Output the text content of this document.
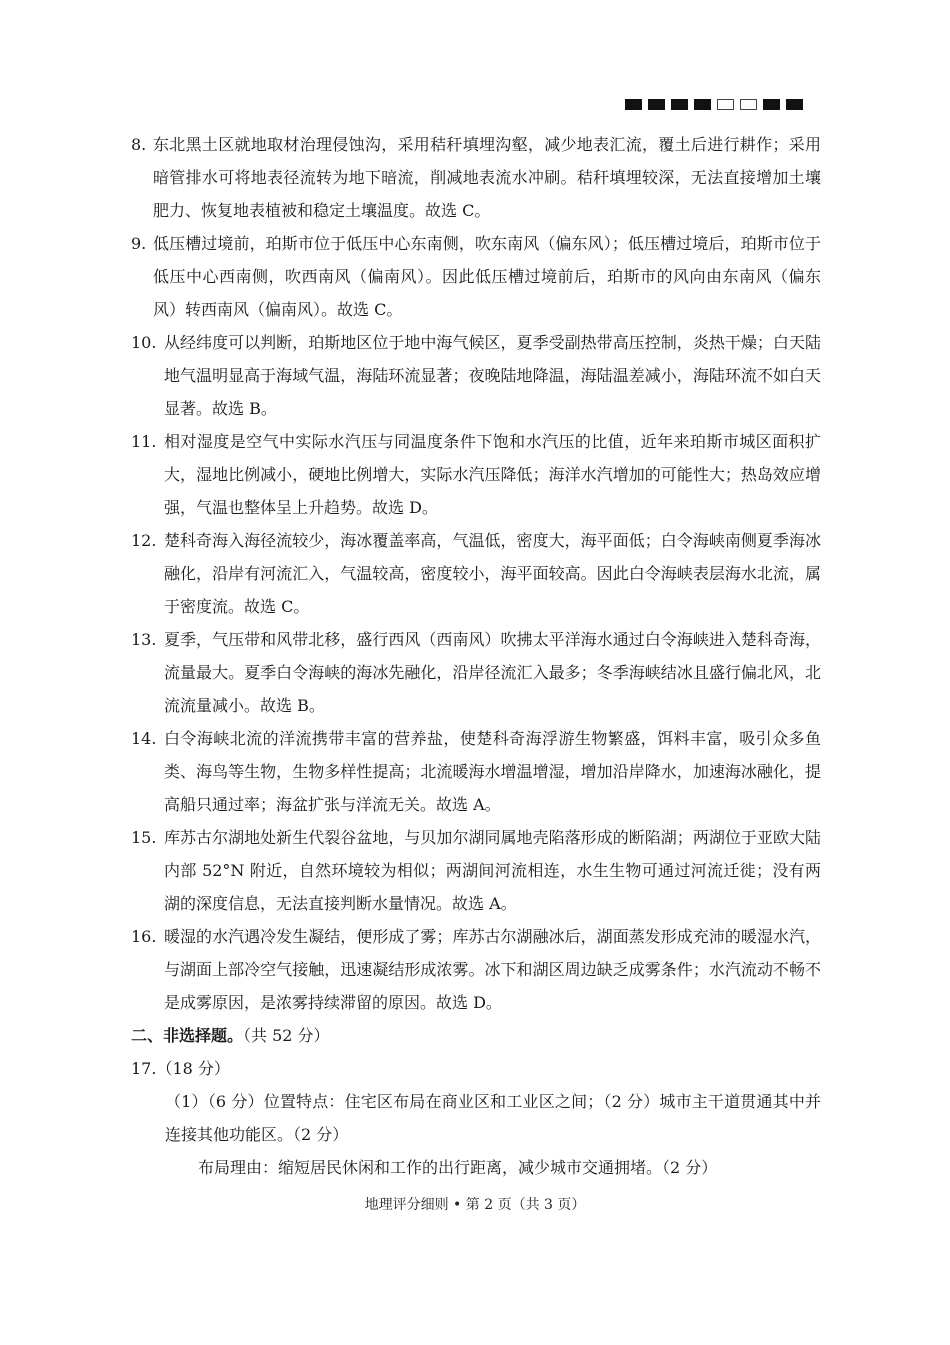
8. 东北黑土区就地取材治理侵蚀沟，采用秸秆填埋沟壑，减少地表汇流，覆土后进行耕作；采用暗管排水可将地表径流转为地下暗流，削减地表流水冲刷。秸秆填埋较深，无法直接增加土壤肥力、恢复地表植被和稳定土壤温度。故选 C。
9. 低压槽过境前，珀斯市位于低压中心东南侧，吹东南风（偏东风）；低压槽过境后，珀斯市位于低压中心西南侧，吹西南风（偏南风）。因此低压槽过境前后，珀斯市的风向由东南风（偏东风）转西南风（偏南风）。故选 C。
10. 从经纬度可以判断，珀斯地区位于地中海气候区，夏季受副热带高压控制，炎热干燥；白天陆地气温明显高于海域气温，海陆环流显著；夜晚陆地降温，海陆温差减小，海陆环流不如白天显著。故选 B。
11. 相对湿度是空气中实际水汽压与同温度条件下饱和水汽压的比值，近年来珀斯市城区面积扩大，湿地比例减小，硬地比例增大，实际水汽压降低；海洋水汽增加的可能性大；热岛效应增强，气温也整体呈上升趋势。故选 D。
12. 楚科奇海入海径流较少，海冰覆盖率高，气温低，密度大，海平面低；白令海峡南侧夏季海冰融化，沿岸有河流汇入，气温较高，密度较小，海平面较高。因此白令海峡表层海水北流，属于密度流。故选 C。
13. 夏季，气压带和风带北移，盛行西风（西南风）吹拂太平洋海水通过白令海峡进入楚科奇海，流量最大。夏季白令海峡的海冰先融化，沿岸径流汇入最多；冬季海峡结冰且盛行偏北风，北流流量减小。故选 B。
14. 白令海峡北流的洋流携带丰富的营养盐，使楚科奇海浮游生物繁盛，饵料丰富，吸引众多鱼类、海鸟等生物，生物多样性提高；北流暖海水增温增湿，增加沿岸降水，加速海冰融化，提高船只通过率；海盆扩张与洋流无关。故选 A。
15. 库苏古尔湖地处新生代裂谷盆地，与贝加尔湖同属地壳陷落形成的断陷湖；两湖位于亚欧大陆内部 52°N 附近，自然环境较为相似；两湖间河流相连，水生生物可通过河流迁徙；没有两湖的深度信息，无法直接判断水量情况。故选 A。
16. 暖湿的水汽遇冷发生凝结，便形成了雾；库苏古尔湖融冰后，湖面蒸发形成充沛的暖湿水汽，与湖面上部冷空气接触，迅速凝结形成浓雾。冰下和湖区周边缺乏成雾条件；水汽流动不畅不是成雾原因，是浓雾持续滞留的原因。故选 D。
二、非选择题。（共 52 分）
17. （18 分）
（1）（6 分）位置特点：住宅区布局在商业区和工业区之间；（2 分）城市主干道贯通其中并连接其他功能区。（2 分）
布局理由：缩短居民休闲和工作的出行距离，减少城市交通拥堵。（2 分）
地理评分细则 • 第 2 页（共 3 页）
